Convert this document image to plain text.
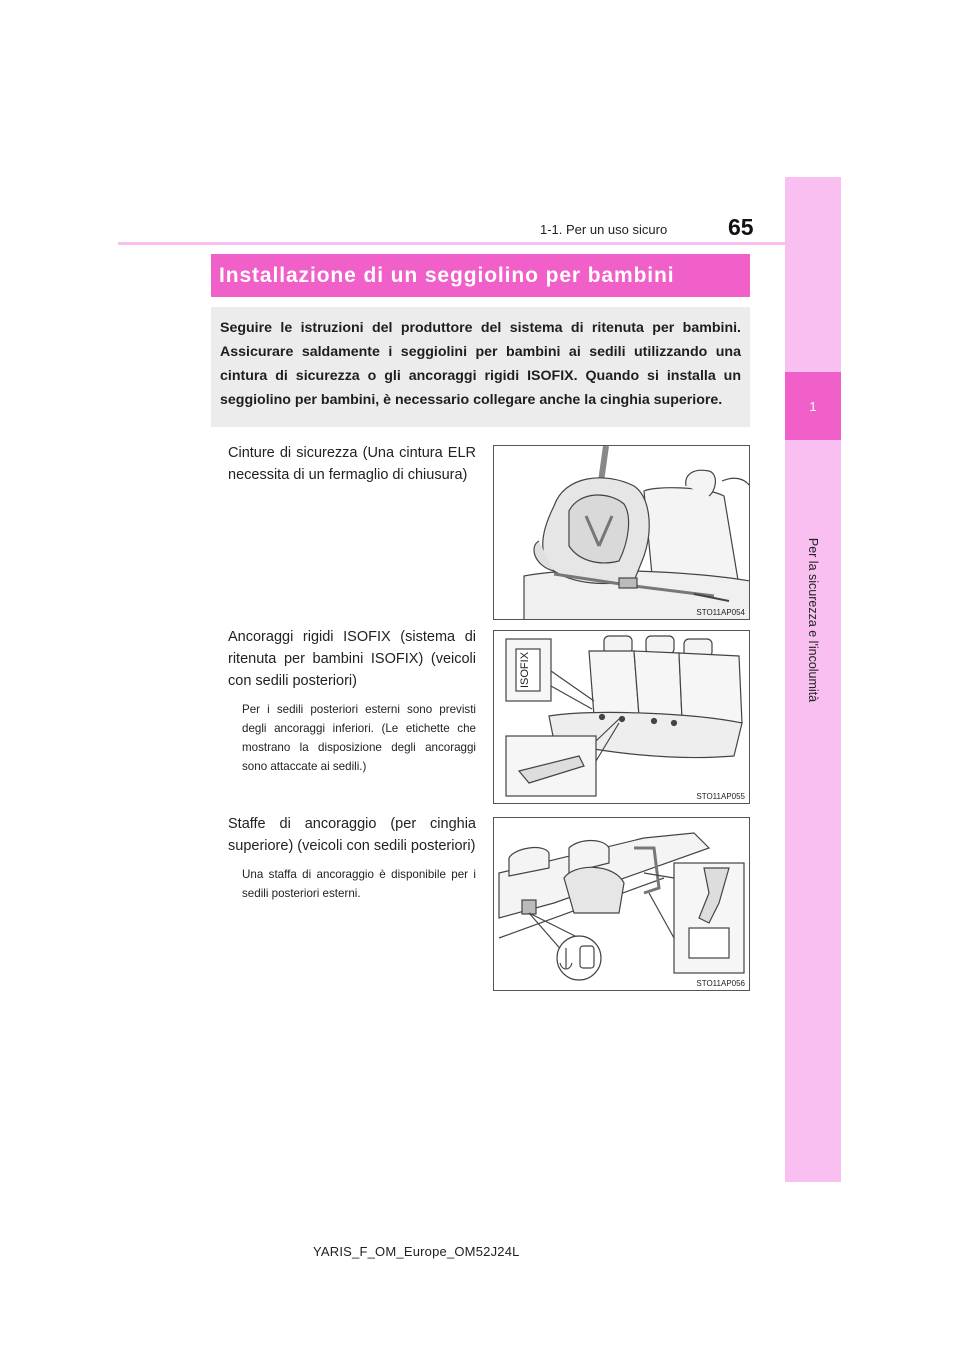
1
Per la sicurezza e l'incolumità
1-1. Per un uso sicuro	65
Installazione di un seggiolino per bambini
Seguire le istruzioni del produttore del sistema di ritenuta per bambini. Assicurare saldamente i seggiolini per bambini ai sedili utilizzando una cintura di sicurezza o gli ancoraggi rigidi ISOFIX. Quando si installa un seggiolino per bambini, è necessario collegare anche la cinghia superiore.

Cinture di sicurezza (Una cintura ELR necessita di un fermaglio di chiusura)

STO11AP054

Ancoraggi rigidi ISOFIX (sistema di ritenuta per bambini ISOFIX) (veicoli con sedili posteriori)

Per i sedili posteriori esterni sono previsti degli ancoraggi inferiori. (Le etichette che mostrano la disposizione degli ancoraggi sono attaccate ai sedili.)

ISOFIX
STO11AP055

Staffe di ancoraggio (per cinghia superiore) (veicoli con sedili posteriori)

Una staffa di ancoraggio è disponibile per i sedili posteriori esterni.

STO11AP056
YARIS_F_OM_Europe_OM52J24L
